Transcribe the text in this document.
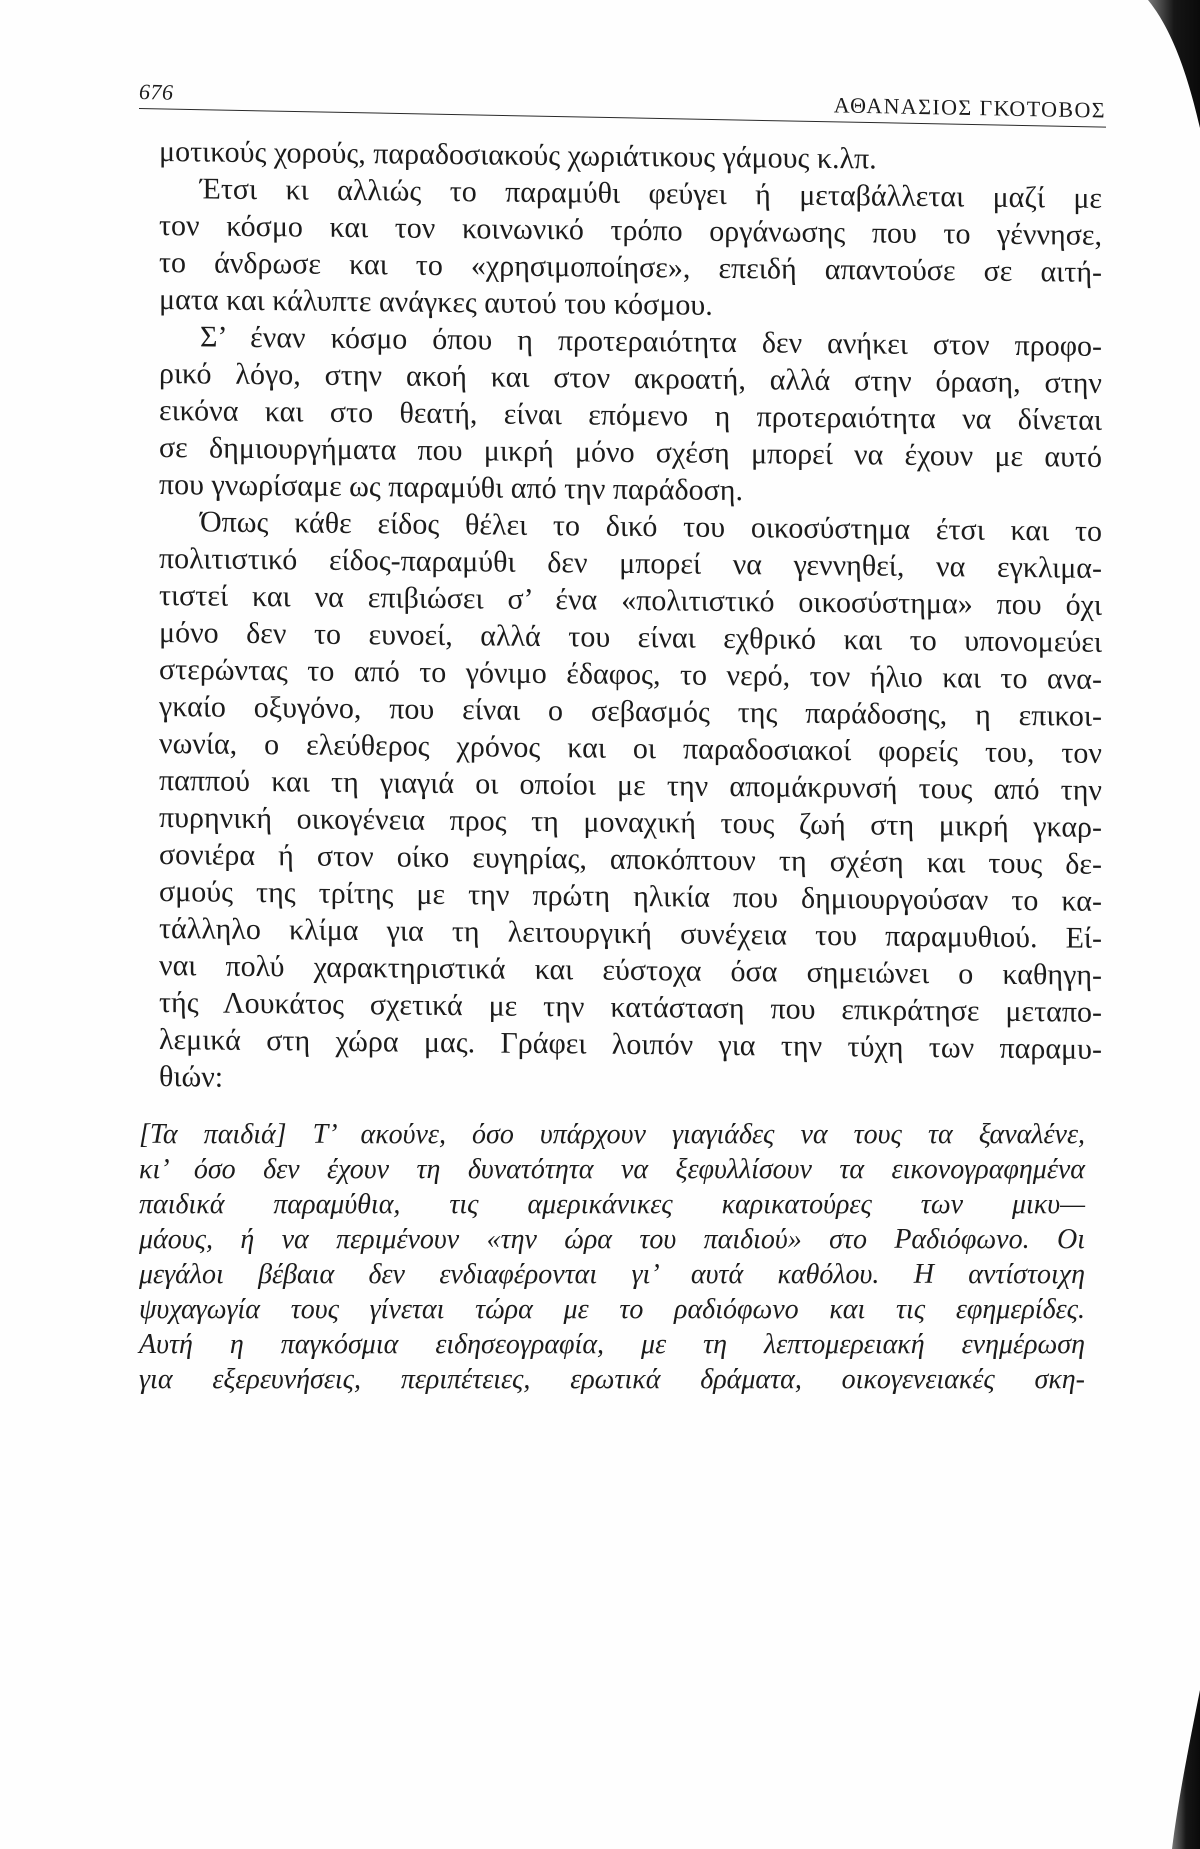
676
ΑΘΑΝΑΣΙΟΣ ΓΚΟΤΟΒΟΣ
μοτικούς χορούς, παραδοσιακούς χωριάτικους γάμους κ.λπ.
Έτσι κι αλλιώς το παραμύθι φεύγει ή μεταβάλλεται μαζί με
τον κόσμο και τον κοινωνικό τρόπο οργάνωσης που το γέννησε,
το άνδρωσε και το «χρησιμοποίησε», επειδή απαντούσε σε αιτή-
ματα και κάλυπτε ανάγκες αυτού του κόσμου.
Σ’ έναν κόσμο όπου η προτεραιότητα δεν ανήκει στον προφο-
ρικό λόγο, στην ακοή και στον ακροατή, αλλά στην όραση, στην
εικόνα και στο θεατή, είναι επόμενο η προτεραιότητα να δίνεται
σε δημιουργήματα που μικρή μόνο σχέση μπορεί να έχουν με αυτό
που γνωρίσαμε ως παραμύθι από την παράδοση.
Όπως κάθε είδος θέλει το δικό του οικοσύστημα έτσι και το
πολιτιστικό είδος-παραμύθι δεν μπορεί να γεννηθεί, να εγκλιμα-
τιστεί και να επιβιώσει σ’ ένα «πολιτιστικό οικοσύστημα» που όχι
μόνο δεν το ευνοεί, αλλά του είναι εχθρικό και το υπονομεύει
στερώντας το από το γόνιμο έδαφος, το νερό, τον ήλιο και το ανα-
γκαίο οξυγόνο, που είναι ο σεβασμός της παράδοσης, η επικοι-
νωνία, ο ελεύθερος χρόνος και οι παραδοσιακοί φορείς του, τον
παππού και τη γιαγιά οι οποίοι με την απομάκρυνσή τους από την
πυρηνική οικογένεια προς τη μοναχική τους ζωή στη μικρή γκαρ-
σονιέρα ή στον οίκο ευγηρίας, αποκόπτουν τη σχέση και τους δε-
σμούς της τρίτης με την πρώτη ηλικία που δημιουργούσαν το κα-
τάλληλο κλίμα για τη λειτουργική συνέχεια του παραμυθιού. Εί-
ναι πολύ χαρακτηριστικά και εύστοχα όσα σημειώνει ο καθηγη-
τής Λουκάτος σχετικά με την κατάσταση που επικράτησε μεταπο-
λεμικά στη χώρα μας. Γράφει λοιπόν για την τύχη των παραμυ-
θιών:
[Τα παιδιά] Τ’ ακούνε, όσο υπάρχουν γιαγιάδες να τους τα ξαναλένε,
κι’ όσο δεν έχουν τη δυνατότητα να ξεφυλλίσουν τα εικονογραφημένα
παιδικά παραμύθια, τις αμερικάνικες καρικατούρες των μικυ—
μάους, ή να περιμένουν «την ώρα του παιδιού» στο Ραδιόφωνο. Οι
μεγάλοι βέβαια δεν ενδιαφέρονται γι’ αυτά καθόλου. Η αντίστοιχη
ψυχαγωγία τους γίνεται τώρα με το ραδιόφωνο και τις εφημερίδες.
Αυτή η παγκόσμια ειδησεογραφία, με τη λεπτομερειακή ενημέρωση
για εξερευνήσεις, περιπέτειες, ερωτικά δράματα, οικογενειακές σκη-
